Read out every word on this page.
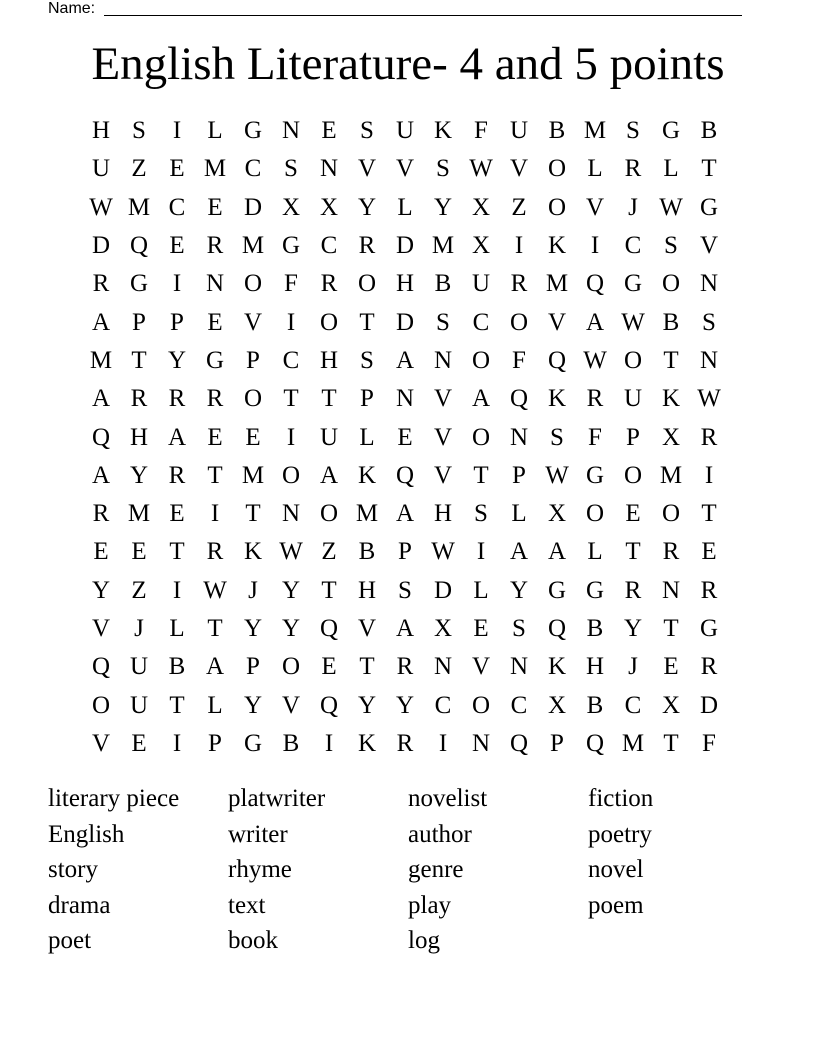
Name:
English Literature- 4 and 5 points
H S	I	L G N E S U K F U B M S G B
U Z E M C S N V V S W V O L R L T
W M C E D X X Y L Y X Z O V J W G
D Q E R M G C R D M X I K I	C S V
R G I N O F R O H B U R M Q G O N
A P P E V I O T D S C O V A W B S
M T Y G P C H S A N O F Q W O T N
A R R R O T T P N V A Q K R U K W
Q H A E E	I U L E V O N S F P X R
A Y R T M O A K Q V T P W G O M I
R M E	I	T N O M A H S L X O E O T
E E T R K W Z B P W I A A L T R E
Y Z	I W J Y T H S D L Y G G R N R
V J	L T Y Y Q V A X E S Q B Y T G
Q U B A P O E T R N V N K H J	E R
O U T L Y V Q Y Y C O C X B C X D
V E	I	P G B	I K R	I N Q P Q M T F
literary piece	platwriter	novelist	fiction
English	writer	author	poetry
story	rhyme	genre	novel
drama	text	play	poem
poet	book	log
